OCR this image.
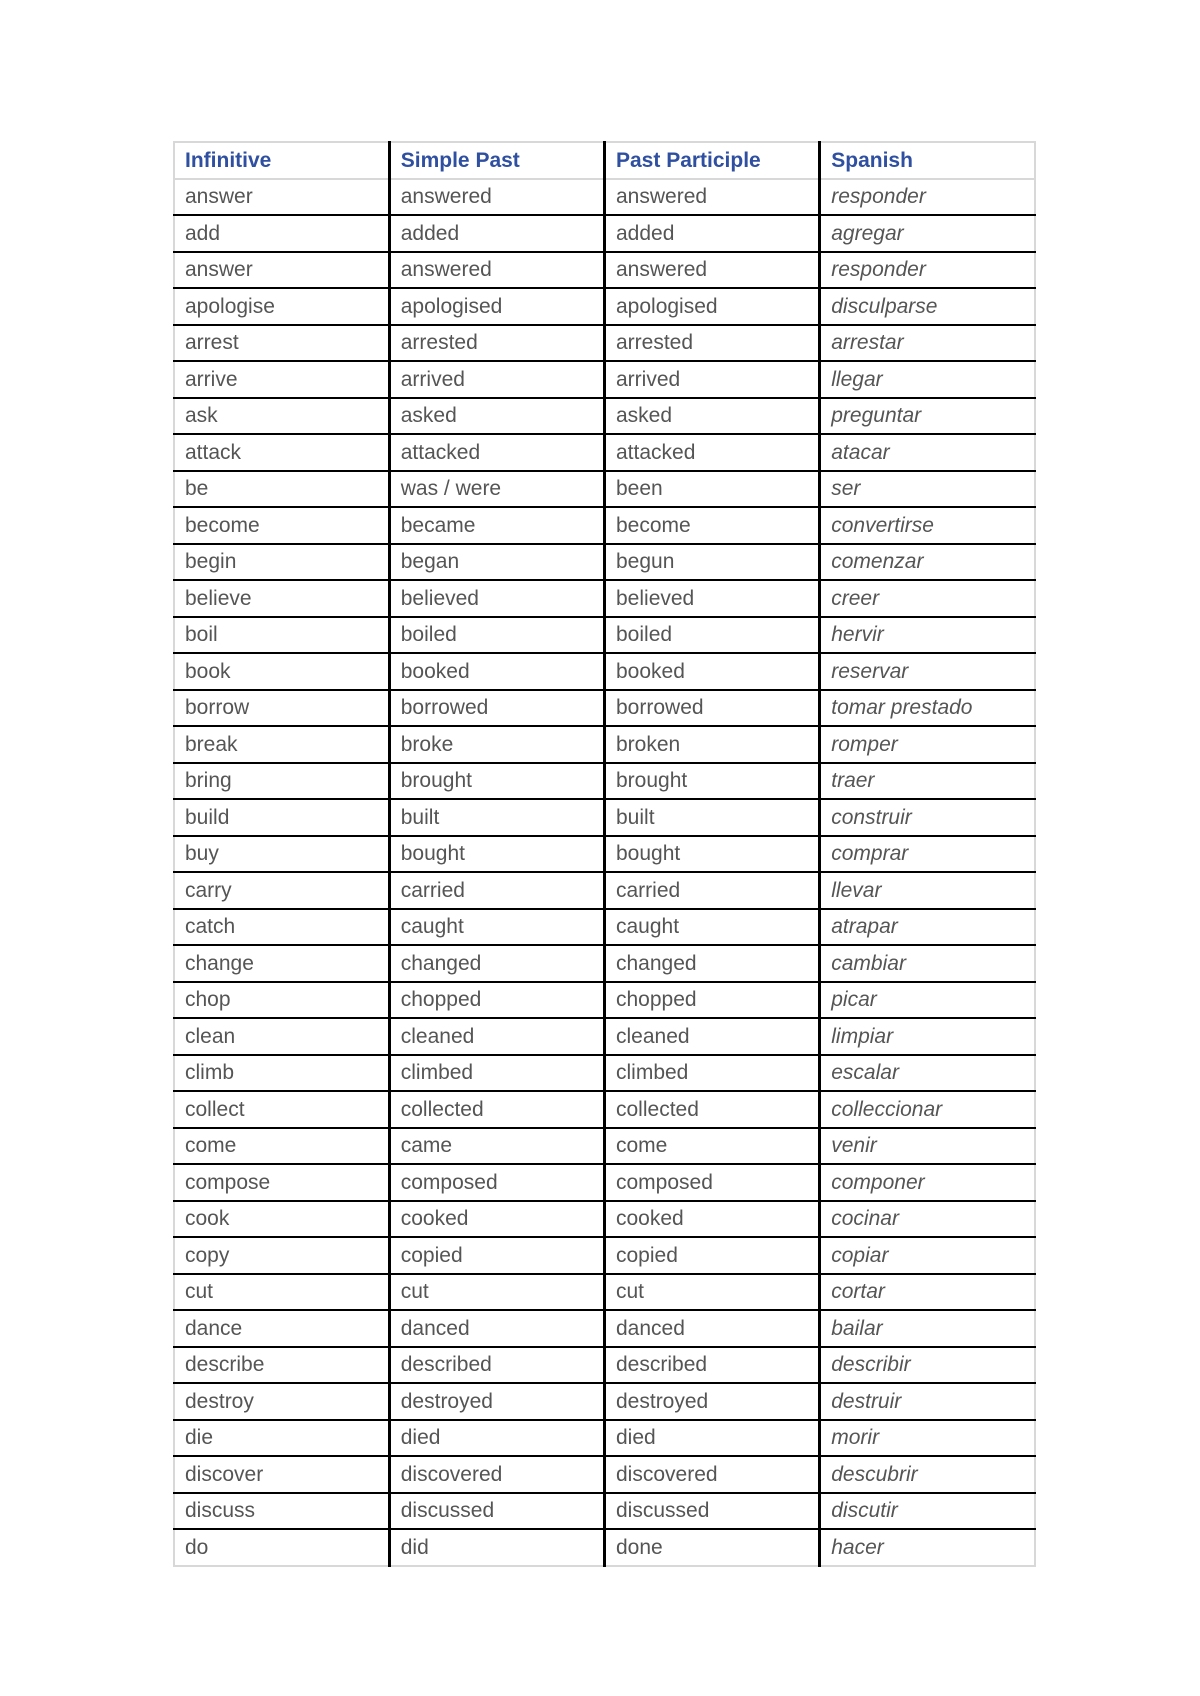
Infinitive	Simple Past	Past Participle	Spanish
answer	answered	answered	responder
add	added	added	agregar
answer	answered	answered	responder
apologise	apologised	apologised	disculparse
arrest	arrested	arrested	arrestar
arrive	arrived	arrived	llegar
ask	asked	asked	preguntar
attack	attacked	attacked	atacar
be	was / were	been	ser
become	became	become	convertirse
begin	began	begun	comenzar
believe	believed	believed	creer
boil	boiled	boiled	hervir
book	booked	booked	reservar
borrow	borrowed	borrowed	tomar prestado
break	broke	broken	romper
bring	brought	brought	traer
build	built	built	construir
buy	bought	bought	comprar
carry	carried	carried	llevar
catch	caught	caught	atrapar
change	changed	changed	cambiar
chop	chopped	chopped	picar
clean	cleaned	cleaned	limpiar
climb	climbed	climbed	escalar
collect	collected	collected	colleccionar
come	came	come	venir
compose	composed	composed	componer
cook	cooked	cooked	cocinar
copy	copied	copied	copiar
cut	cut	cut	cortar
dance	danced	danced	bailar
describe	described	described	describir
destroy	destroyed	destroyed	destruir
die	died	died	morir
discover	discovered	discovered	descubrir
discuss	discussed	discussed	discutir
do	did	done	hacer
